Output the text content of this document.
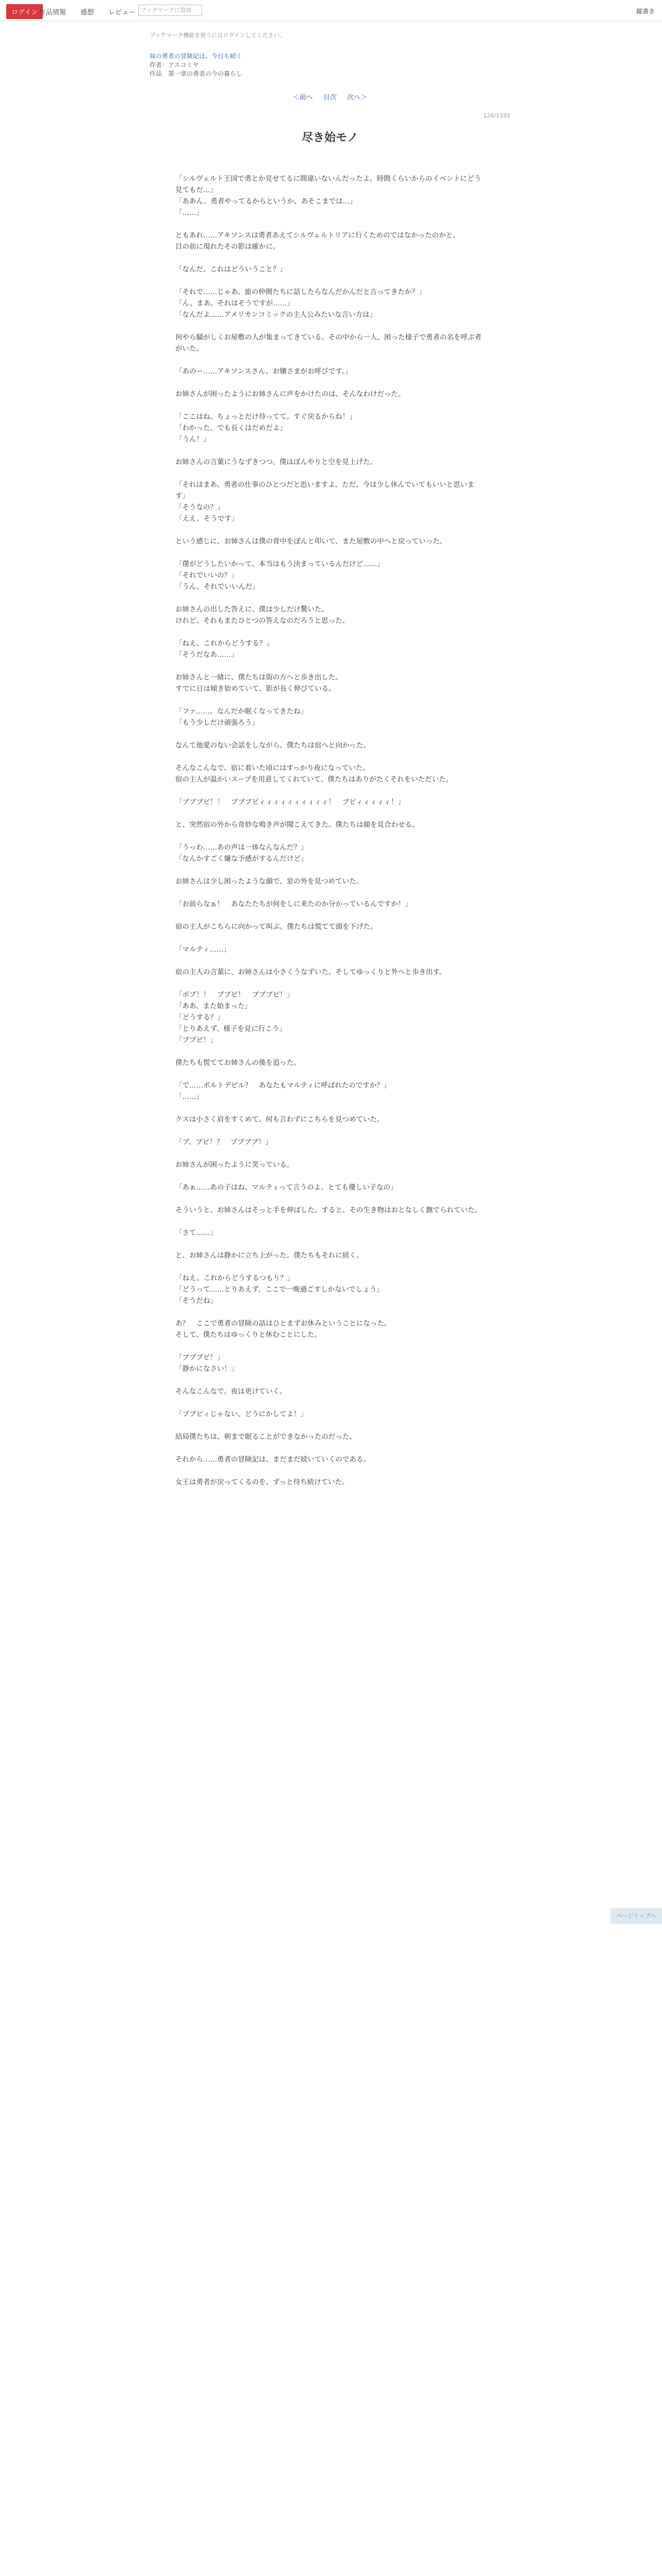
ログイン 作品情報 感想 レビュー ブックマークに追加	縦書き
ブックマーク機能を使うにはログインしてください。
妹の勇者の冒険記は、今日も続く
作者：アスコミヤ
作品　第一章の勇者の今の暮らし
＜前へ 目次 次へ＞
126/1192
尽き始モノ

「シルヴェルト王国で勇とか見せてるに間違いないんだったよ。時間くらいからのイベントにどう見てもだ…」
「ああん、勇者やってるからというか、あそこまでは…」
「……」

ともあれ……アキソンスは勇者あえてシルヴェルトリアに行くためのではなかったのかと、
目の前に現れたその影は確かに。

「なんだ、これはどういうこと？」

「それで……じゃあ、旅の仲間たちに話したらなんだかんだと言ってきたか？」
「ん、まあ、それはそうですが……」
「なんだよ……アメリカンコミックの主人公みたいな言い方は」

何やら騒がしくお屋敷の人が集まってきている。その中から一人、困った様子で勇者の名を呼ぶ者がいた。

「あのー……アキソンスさん、お嬢さまがお呼びです。」

お姉さんが困ったようにお姉さんに声をかけたのは、そんなわけだった。

「ここはね、ちょっとだけ待ってて。すぐ戻るからね！」
「わかった。でも長くはだめだよ」
「うん！」

お姉さんの言葉にうなずきつつ、僕はぼんやりと空を見上げた。

「それはまあ、勇者の仕事のひとつだと思いますよ。ただ、今は少し休んでいてもいいと思います」
「そうなの？」
「ええ、そうです」

という感じに、お姉さんは僕の背中をぽんと叩いて、また屋敷の中へと戻っていった。

「僕がどうしたいかって、本当はもう決まっているんだけど……」
「それでいいの？」
「うん、それでいいんだ」

お姉さんの出した答えに、僕は少しだけ驚いた。
けれど、それもまたひとつの答えなのだろうと思った。

「ねえ、これからどうする？」
「そうだなあ……」

お姉さんと一緒に、僕たちは街の方へと歩き出した。
すでに日は傾き始めていて、影が長く伸びている。

「ファ……、なんだか眠くなってきたね」
「もう少しだけ頑張ろう」

なんて他愛のない会話をしながら、僕たちは宿へと向かった。

そんなこんなで、宿に着いた頃にはすっかり夜になっていた。
宿の主人が温かいスープを用意してくれていて、僕たちはありがたくそれをいただいた。

「ブブブビ！！　ブブブビィィィィィィィィィィ！　ブビィィィィィ！」

と、突然宿の外から奇妙な鳴き声が聞こえてきた。僕たちは顔を見合わせる。

「うっわ……あの声は一体なんなんだ？」
「なんかすごく嫌な予感がするんだけど」

お姉さんは少し困ったような顔で、窓の外を見つめていた。

「お前らなぁ！　あなたたちが何をしに来たのか分かっているんですか！」

宿の主人がこちらに向かって叫ぶ。僕たちは慌てて頭を下げた。

「マルティ……」

宿の主人の言葉に、お姉さんは小さくうなずいた。そしてゆっくりと外へと歩き出す。

「ボブ！！　ブブビ！　ブブブビ！」
「ああ、また始まった」
「どうする？」
「とりあえず、様子を見に行こう」
「ブブビ！」

僕たちも慌ててお姉さんの後を追った。

「で……ボルトデビル？　あなたもマルティに呼ばれたのですか？」
「……」

クスは小さく肩をすくめて、何も言わずにこちらを見つめていた。

「ブ、ブビ！？　ブブブブ！」

お姉さんが困ったように笑っている。

「あぁ……あの子はね、マルティって言うのよ。とても優しい子なの」

そういうと、お姉さんはそっと手を伸ばした。すると、その生き物はおとなしく撫でられていた。

「さて……」

と、お姉さんは静かに立ち上がった。僕たちもそれに続く。

「ねえ、これからどうするつもり？」
「どうって……とりあえず、ここで一晩過ごすしかないでしょう」
「そうだね」

あ？　ここで勇者の冒険の話はひとまずお休みということになった。
そして、僕たちはゆっくりと休むことにした。

「ブブブビ！」
「静かになさい！」

そんなこんなで、夜は更けていく。

「ブブビィじゃない、どうにかしてよ！」

結局僕たちは、朝まで眠ることができなかったのだった。

それから……勇者の冒険記は、まだまだ続いていくのである。

女王は勇者が戻ってくるのを、ずっと待ち続けていた。

ページトップへ
